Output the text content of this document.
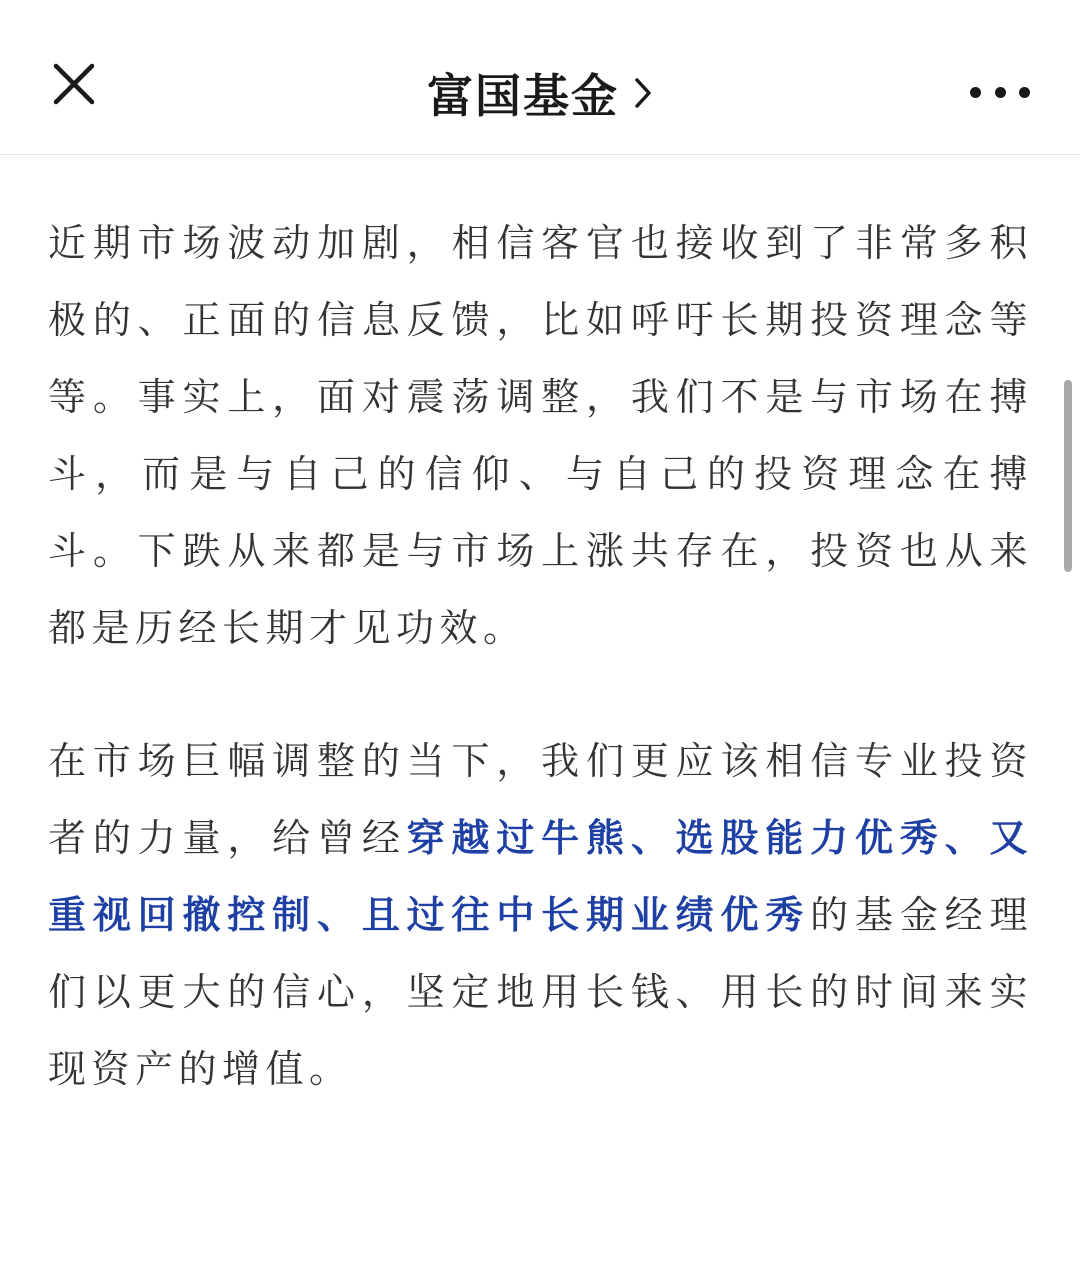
富国基金

近期市场波动加剧，相信客官也接收到了非常多积极的、正面的信息反馈，比如呼吁长期投资理念等等。事实上，面对震荡调整，我们不是与市场在搏斗，而是与自己的信仰、与自己的投资理念在搏斗。下跌从来都是与市场上涨共存在，投资也从来都是历经长期才见功效。

在市场巨幅调整的当下，我们更应该相信专业投资者的力量，给曾经穿越过牛熊、选股能力优秀、又重视回撤控制、且过往中长期业绩优秀的基金经理们以更大的信心，坚定地用长钱、用长的时间来实现资产的增值。
